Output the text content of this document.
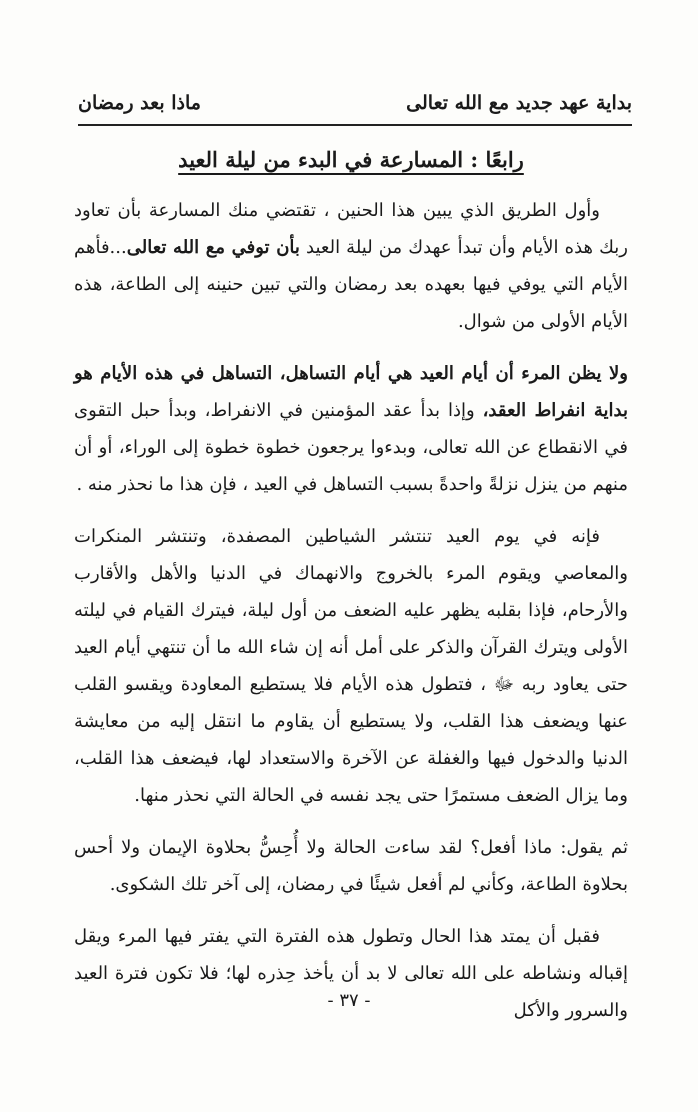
بداية عهد جديد مع الله تعالى
ماذا بعد رمضان
رابعًا : المسارعة في البدء من ليلة العيد

وأول الطريق الذي يبين هذا الحنين ، تقتضي منك المسارعة بأن تعاود ربك هذه الأيام وأن تبدأ عهدك من ليلة العيد بأن توفي مع الله تعالى...فأهم الأيام التي يوفي فيها بعهده بعد رمضان والتي تبين حنينه إلى الطاعة، هذه الأيام الأولى من شوال.

ولا يظن المرء أن أيام العيد هي أيام التساهل، التساهل في هذه الأيام هو بداية انفراط العقد، وإذا بدأ عقد المؤمنين في الانفراط، وبدأ حبل التقوى في الانقطاع عن الله تعالى، وبدءوا يرجعون خطوة خطوة إلى الوراء، أو أن منهم من ينزل نزلةً واحدةً بسبب التساهل في العيد ، فإن هذا ما نحذر منه .

فإنه في يوم العيد تنتشر الشياطين المصفدة، وتنتشر المنكرات والمعاصي ويقوم المرء بالخروج والانهماك في الدنيا والأهل والأقارب والأرحام، فإذا بقلبه يظهر عليه الضعف من أول ليلة، فيترك القيام في ليلته الأولى ويترك القرآن والذكر على أمل أنه إن شاء الله ما أن تنتهي أيام العيد حتى يعاود ربه ﷻ ، فتطول هذه الأيام فلا يستطيع المعاودة ويقسو القلب عنها ويضعف هذا القلب، ولا يستطيع أن يقاوم ما انتقل إليه من معايشة الدنيا والدخول فيها والغفلة عن الآخرة والاستعداد لها، فيضعف هذا القلب، وما يزال الضعف مستمرًا حتى يجد نفسه في الحالة التي نحذر منها.

ثم يقول: ماذا أفعل؟ لقد ساءت الحالة ولا أُحِسُّ بحلاوة الإيمان ولا أحس بحلاوة الطاعة، وكأني لم أفعل شيئًا في رمضان، إلى آخر تلك الشكوى.

فقبل أن يمتد هذا الحال وتطول هذه الفترة التي يفتر فيها المرء ويقل إقباله ونشاطه على الله تعالى لا بد أن يأخذ حِذره لها؛ فلا تكون فترة العيد والسرور والأكل

- ٣٧ -
